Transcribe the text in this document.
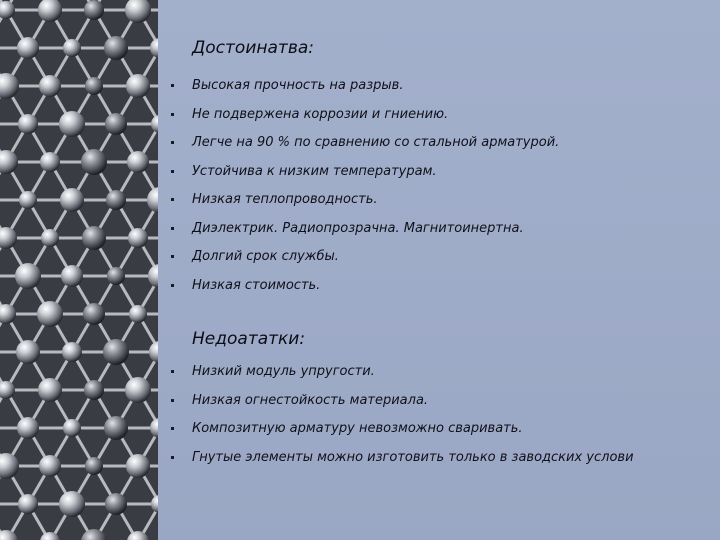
Достоинатва:
Высокая прочность на разрыв.
Не подвержена коррозии и гниению.
Легче на 90 % по сравнению со стальной арматурой.
Устойчива к низким температурам.
Низкая теплопроводность.
Диэлектрик. Радиопрозрачна. Магнитоинертна.
Долгий срок службы.
Низкая стоимость.
Недоататки:
Низкий модуль упругости.
Низкая огнестойкость материала.
Композитную арматуру невозможно сваривать.
Гнутые элементы можно изготовить только в заводских услови
